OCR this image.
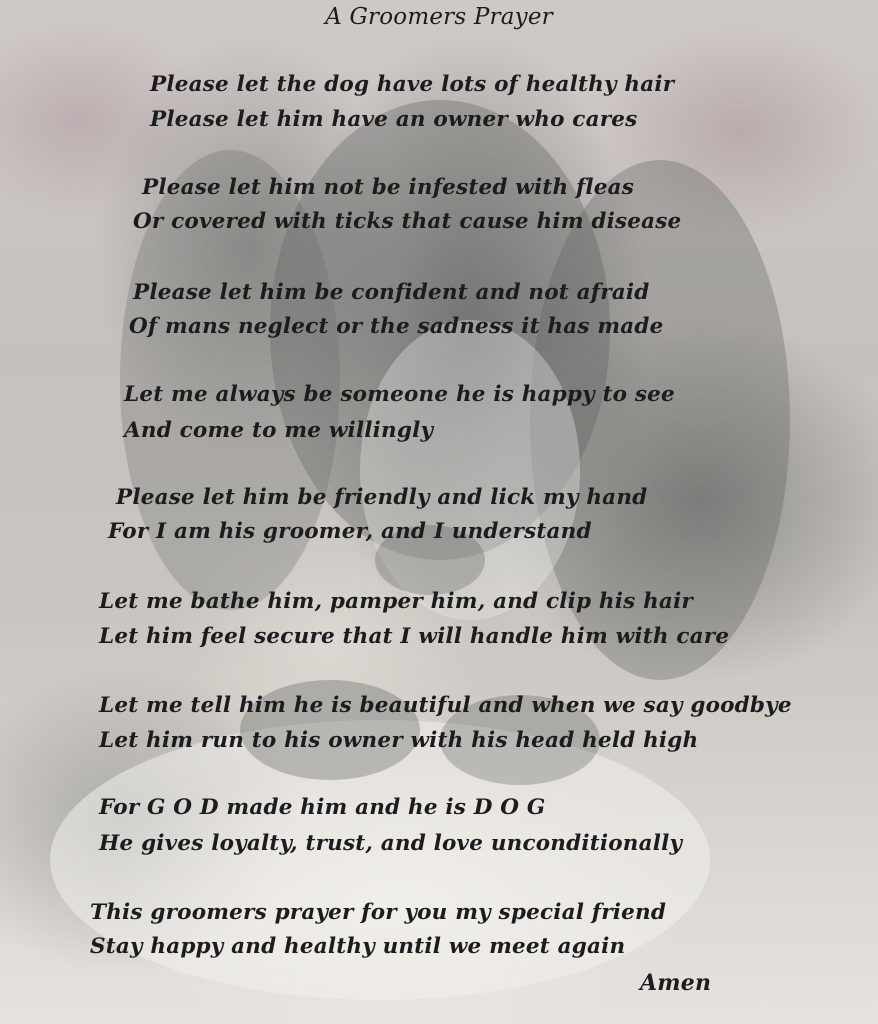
A Groomers Prayer

Please let the dog have lots of healthy hair

Please let him have an owner who cares

Please let him not be infested with fleas

Or covered with ticks that cause him disease

Please let him be confident and not afraid

Of mans neglect or the sadness it has made

Let me always be someone he is happy to see

And come to me willingly

Please let him be friendly and lick my hand

For I am his groomer, and I understand

Let me bathe him, pamper him, and clip his hair

Let him feel secure that I will handle him with care

Let me tell him he is beautiful and when we say goodbye

Let him run to his owner with his head held high

For G O D made him and he is D O G

He gives loyalty, trust, and love unconditionally

This groomers prayer for you my special friend

Stay happy and healthy until we meet again

Amen
